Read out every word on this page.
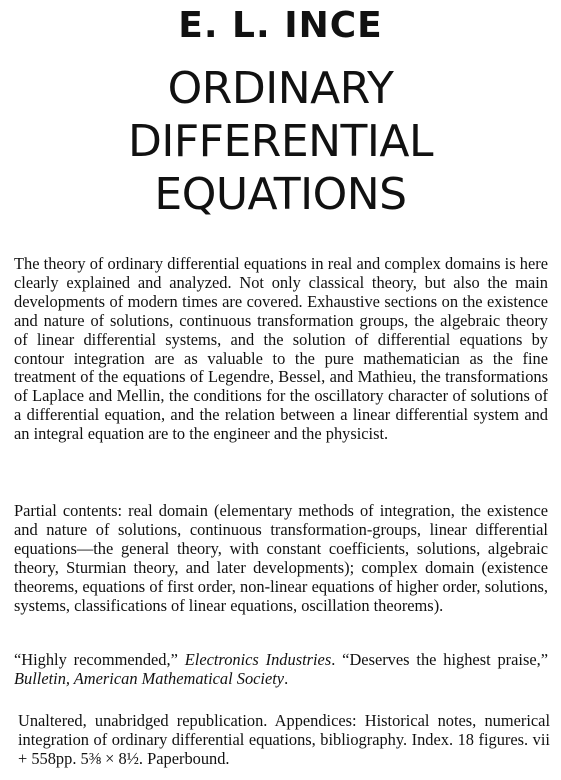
E. L. INCE
ORDINARY
DIFFERENTIAL
EQUATIONS
The theory of ordinary differential equations in real and complex domains is here clearly explained and analyzed. Not only classical theory, but also the main developments of modern times are covered. Exhaustive sections on the existence and nature of solutions, continuous transformation groups, the algebraic theory of linear differential systems, and the solution of differential equations by contour integration are as valuable to the pure mathematician as the fine treatment of the equations of Legendre, Bessel, and Mathieu, the transformations of Laplace and Mellin, the conditions for the oscillatory character of solutions of a differential equation, and the relation between a linear differential system and an integral equation are to the engineer and the physicist.
Partial contents: real domain (elementary methods of integration, the existence and nature of solutions, continuous transformation-groups, linear differential equations—the general theory, with constant coefficients, solutions, algebraic theory, Sturmian theory, and later developments); complex domain (existence theorems, equations of first order, non-linear equations of higher order, solutions, systems, classifications of linear equations, oscillation theorems).
“Highly recommended,” Electronics Industries. “Deserves the highest praise,” Bulletin, American Mathematical Society.
Unaltered, unabridged republication. Appendices: Historical notes, numerical integration of ordinary differential equations, bibliography. Index. 18 figures. vii + 558pp. 5⅜ × 8½. Paperbound.
